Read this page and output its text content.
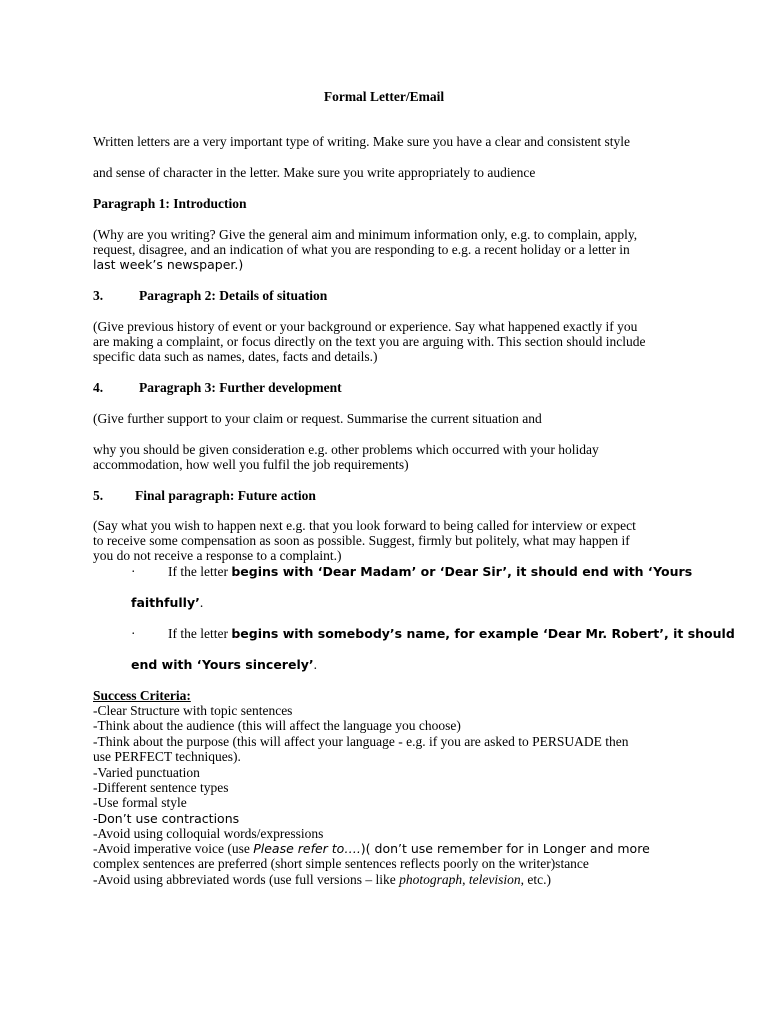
Formal Letter/Email
Written letters are a very important type of writing. Make sure you have a clear and consistent style
and sense of character in the letter. Make sure you write appropriately to audience
Paragraph 1: Introduction
(Why are you writing? Give the general aim and minimum information only, e.g. to complain, apply,
request, disagree, and an indication of what you are responding to e.g. a recent holiday or a letter in
last week’s newspaper.)
3.	Paragraph 2: Details of situation
(Give previous history of event or your background or experience. Say what happened exactly if you
are making a complaint, or focus directly on the text you are arguing with. This section should include
specific data such as names, dates, facts and details.)
4.	Paragraph 3: Further development
(Give further support to your claim or request. Summarise the current situation and
why you should be given consideration e.g. other problems which occurred with your holiday
accommodation, how well you fulfil the job requirements)
5. Final paragraph: Future action
(Say what you wish to happen next e.g. that you look forward to being called for interview or expect
to receive some compensation as soon as possible. Suggest, firmly but politely, what may happen if
you do not receive a response to a complaint.)
· If the letter begins with ‘Dear Madam’ or ‘Dear Sir’, it should end with ‘Yours
faithfully’.
· If the letter begins with somebody’s name, for example ‘Dear Mr. Robert’, it should
end with ‘Yours sincerely’.
Success Criteria:
-Clear Structure with topic sentences
-Think about the audience (this will affect the language you choose)
-Think about the purpose (this will affect your language - e.g. if you are asked to PERSUADE then
use PERFECT techniques).
-Varied punctuation
-Different sentence types
-Use formal style
-Don’t use contractions
-Avoid using colloquial words/expressions
-Avoid imperative voice (use Please refer to….)( don’t use remember for in Longer and more
complex sentences are preferred (short simple sentences reflects poorly on the writer)stance
-Avoid using abbreviated words (use full versions – like photograph, television, etc.)
